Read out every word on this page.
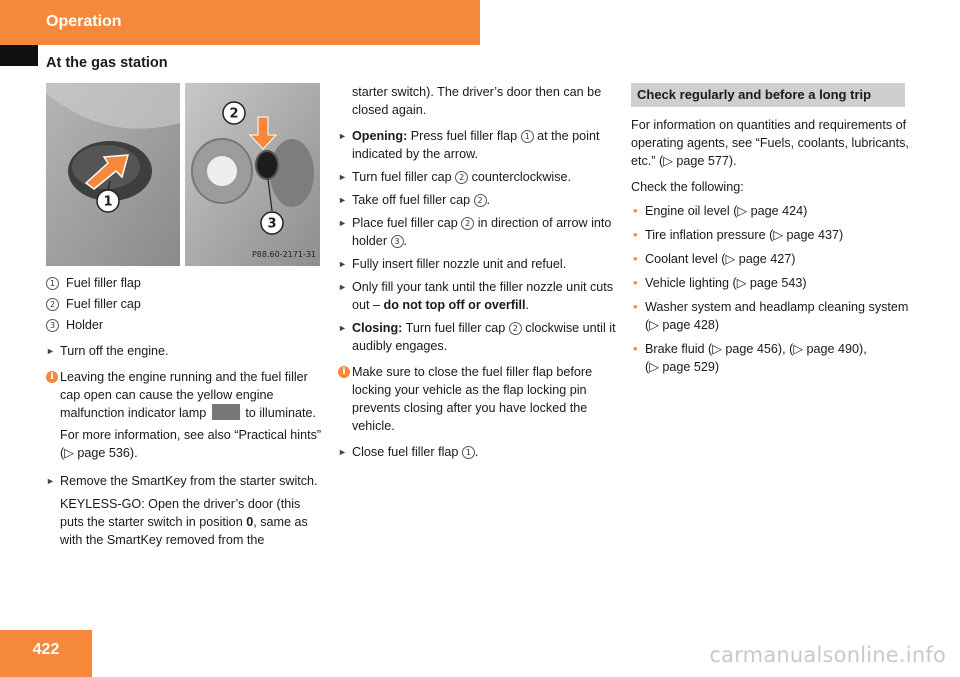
Operation
At the gas station
1
2
3
P88.60-2171-31
1 Fuel filler flap
2 Fuel filler cap
3 Holder
► Turn off the engine.
i Leaving the engine running and the fuel filler cap open can cause the yellow engine malfunction indicator lamp	to illuminate.

For more information, see also “Practical hints” (▷ page 536).

► Remove the SmartKey from the starter switch.

KEYLESS-GO: Open the driver’s door (this puts the starter switch in position 0, same as with the SmartKey removed from the

starter switch). The driver’s door then can be closed again.

► Opening: Press fuel filler flap 1 at the point indicated by the arrow.
► Turn fuel filler cap 2 counterclockwise.
► Take off fuel filler cap 2 .
► Place fuel filler cap 2 in direction of arrow into holder 3 .
► Fully insert filler nozzle unit and refuel.
► Only fill your tank until the filler nozzle unit cuts out – do not top off or overfill.
► Closing: Turn fuel filler cap 2 clockwise until it audibly engages.
i Make sure to close the fuel filler flap before locking your vehicle as the flap locking pin prevents closing after you have locked the vehicle.

► Close fuel filler flap 1 .
Check regularly and before a long trip

For information on quantities and requirements of operating agents, see “Fuels, coolants, lubricants, etc.” (▷ page 577).

Check the following:

• Engine oil level (▷ page 424)
• Tire inflation pressure (▷ page 437)
• Coolant level (▷ page 427)
• Vehicle lighting (▷ page 543)
• Washer system and headlamp cleaning system (▷ page 428)
• Brake fluid (▷ page 456), (▷ page 490),
(▷ page 529)
422	carmanualsonline.info
